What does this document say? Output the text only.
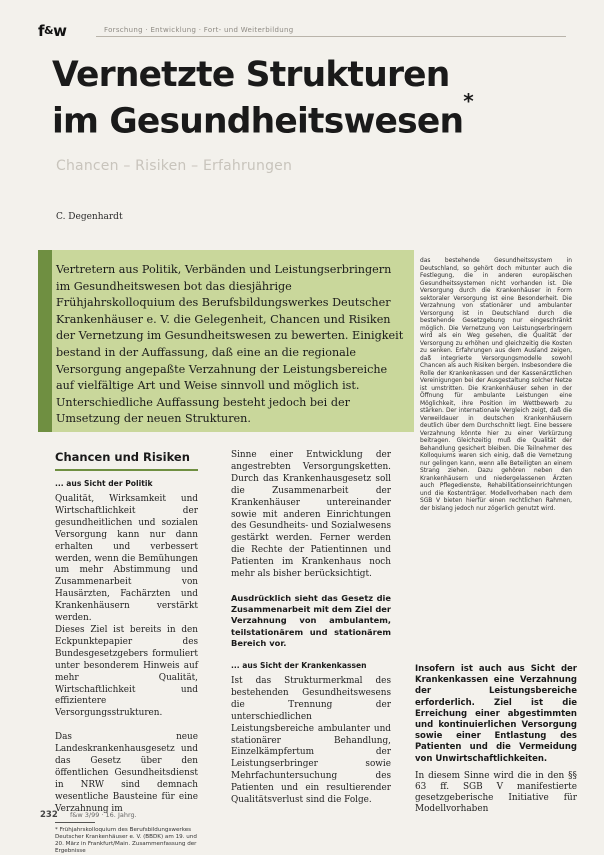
f&w	Forschung · Entwicklung · Fort- und Weiterbildung
Vernetzte Strukturen
im Gesundheitswesen*
Chancen – Risiken – Erfahrungen
C. Degenhardt
Vertretern aus Politik, Verbänden und Leistungserbringern im Gesundheitswesen bot das diesjährige Frühjahrskolloquium des Berufsbildungswerkes Deutscher Krankenhäuser e. V. die Gelegenheit, Chancen und Risiken der Vernetzung im Gesundheitswesen zu bewerten. Einigkeit bestand in der Auffassung, daß eine an die regionale Versorgung angepaßte Verzahnung der Leistungsbereiche auf vielfältige Art und Weise sinnvoll und möglich ist. Unterschiedliche Auffassung besteht jedoch bei der Umsetzung der neuen Strukturen.
das bestehende Gesundheitssystem in Deutschland, so gehört doch mitunter auch die Festlegung, die in anderen europäischen Gesundheitssystemen nicht vorhanden ist. Die Versorgung durch die Krankenhäuser in Form sektoraler Versorgung ist eine Besonderheit. Die Verzahnung von stationärer und ambulanter Versorgung ist in Deutschland durch die bestehende Gesetzgebung nur eingeschränkt möglich. Die Vernetzung von Leistungserbringern wird als ein Weg gesehen, die Qualität der Versorgung zu erhöhen und gleichzeitig die Kosten zu senken. Erfahrungen aus dem Ausland zeigen, daß integrierte Versorgungsmodelle sowohl Chancen als auch Risiken bergen. Insbesondere die Rolle der Krankenkassen und der Kassenärztlichen Vereinigungen bei der Ausgestaltung solcher Netze ist umstritten. Die Krankenhäuser sehen in der Öffnung für ambulante Leistungen eine Möglichkeit, ihre Position im Wettbewerb zu stärken. Der internationale Vergleich zeigt, daß die Verweildauer in deutschen Krankenhäusern deutlich über dem Durchschnitt liegt. Eine bessere Verzahnung könnte hier zu einer Verkürzung beitragen. Gleichzeitig muß die Qualität der Behandlung gesichert bleiben. Die Teilnehmer des Kolloquiums waren sich einig, daß die Vernetzung nur gelingen kann, wenn alle Beteiligten an einem Strang ziehen. Dazu gehören neben den Krankenhäusern und niedergelassenen Ärzten auch Pflegedienste, Rehabilitationseinrichtungen und die Kostenträger. Modellvorhaben nach dem SGB V bieten hierfür einen rechtlichen Rahmen, der bislang jedoch nur zögerlich genutzt wird.
Chancen und Risiken
... aus Sicht der Politik

Qualität, Wirksamkeit und Wirtschaftlichkeit der gesundheitlichen und sozialen Versorgung kann nur dann erhalten und verbessert werden, wenn die Bemühungen um mehr Abstimmung und Zusammenarbeit von Hausärzten, Fachärzten und Krankenhäusern verstärkt werden.

Dieses Ziel ist bereits in den Eckpunktepapier des Bundesgesetzgebers formuliert unter besonderem Hinweis auf mehr Qualität, Wirtschaftlichkeit und effizientere Versorgungsstrukturen.

Das neue Landeskrankenhausgesetz und das Gesetz über den öffentlichen Gesundheitsdienst in NRW sind demnach wesentliche Bausteine für eine Verzahnung im

* Frühjahrskolloquium des Berufsbildungswerkes Deutscher Krankenhäuser e. V. (BBDK) am 19. und 20. März in Frankfurt/Main. Zusammenfassung der Ergebnisse

Sinne einer Entwicklung der angestrebten Versorgungsketten. Durch das Krankenhausgesetz soll die Zusammenarbeit der Krankenhäuser untereinander sowie mit anderen Einrichtungen des Gesundheits- und Sozialwesens gestärkt werden. Ferner werden die Rechte der Patientinnen und Patienten im Krankenhaus noch mehr als bisher berücksichtigt.

Ausdrücklich sieht das Gesetz die Zusammenarbeit mit dem Ziel der Verzahnung von ambulantem, teilstationärem und stationärem Bereich vor.
... aus Sicht der Krankenkassen

Ist das Strukturmerkmal des bestehenden Gesundheitswesens die Trennung der unterschiedlichen Leistungsbereiche ambulanter und stationärer Behandlung, Einzelkämpfertum der Leistungserbringer sowie Mehrfachuntersuchung des Patienten und ein resultierender Qualitätsverlust sind die Folge.

Insofern ist auch aus Sicht der Krankenkassen eine Verzahnung der Leistungsbereiche erforderlich. Ziel ist die Erreichung einer abgestimmten und kontinuierlichen Versorgung sowie einer Entlastung des Patienten und die Vermeidung von Unwirtschaftlichkeiten.
In diesem Sinne wird die in den §§ 63 ff. SGB V manifestierte gesetzgeberische Initiative für Modellvorhaben
232 f&w 3/99 · 16. Jahrg.
